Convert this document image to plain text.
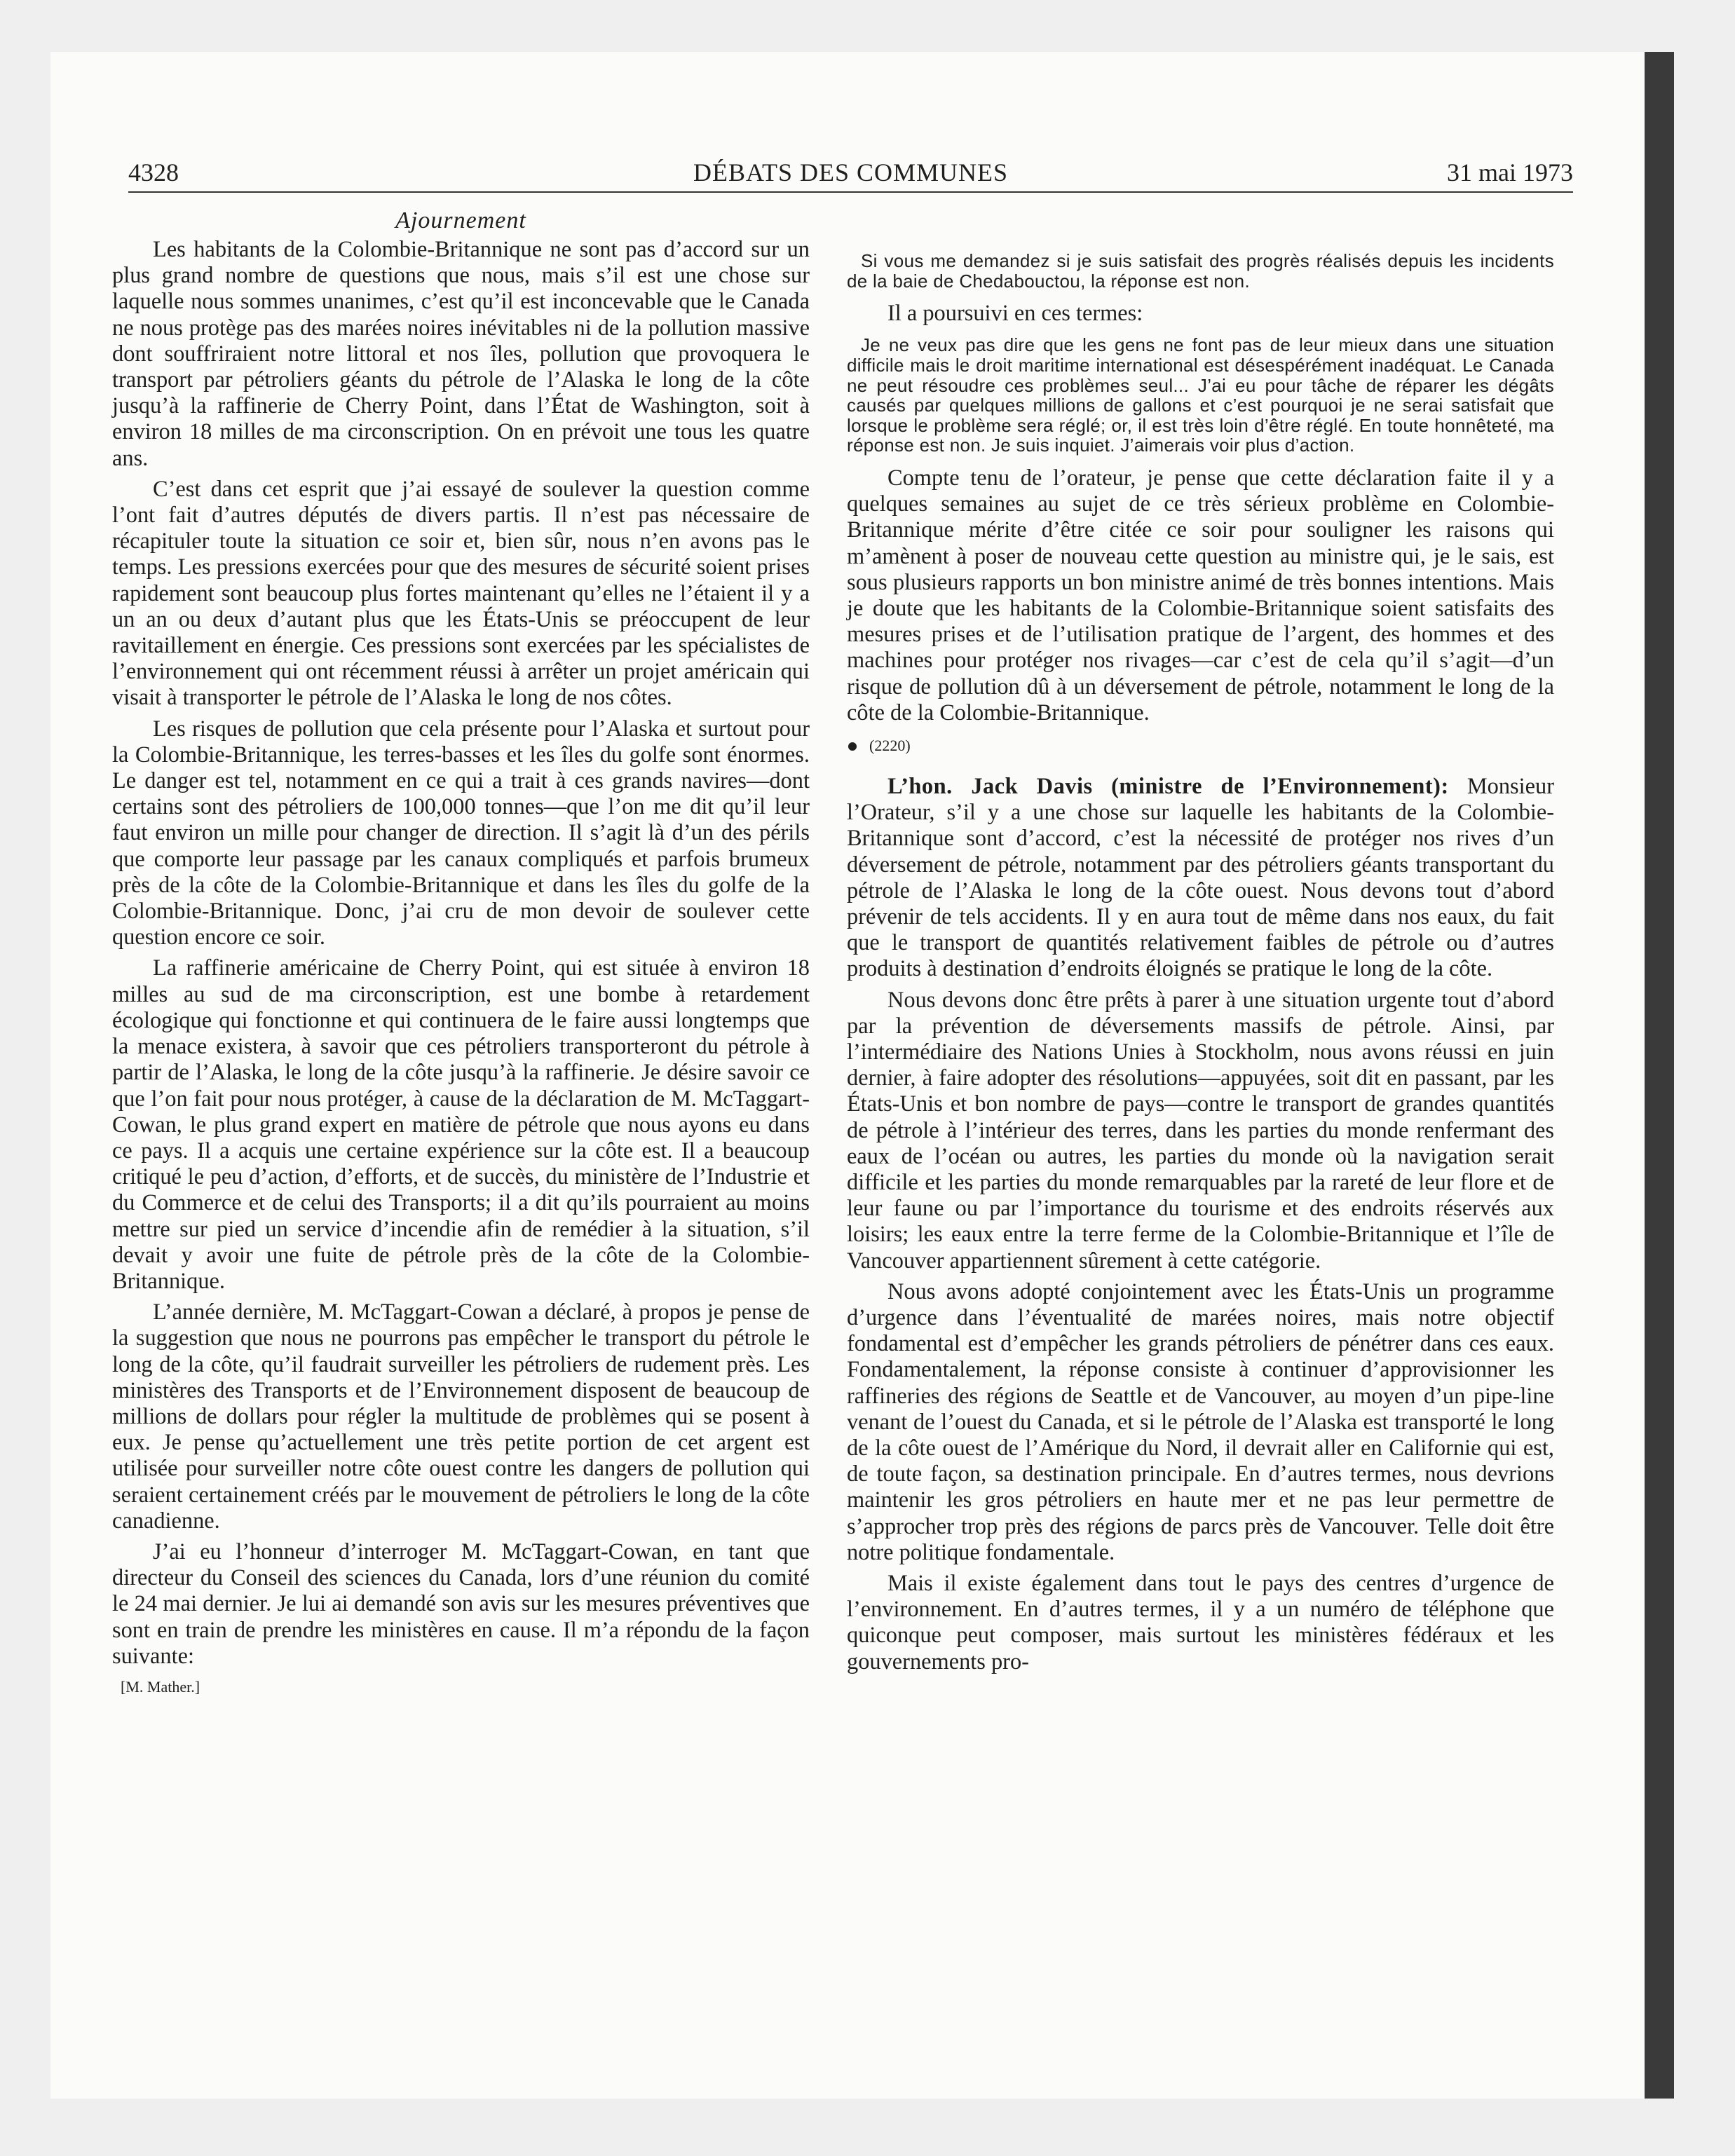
4328	DÉBATS DES COMMUNES	31 mai 1973

Ajournement

Les habitants de la Colombie-Britannique ne sont pas d’accord sur un plus grand nombre de questions que nous, mais s’il est une chose sur laquelle nous sommes unanimes, c’est qu’il est inconcevable que le Canada ne nous protège pas des marées noires inévitables ni de la pollution massive dont souffriraient notre littoral et nos îles, pollution que provoquera le transport par pétroliers géants du pétrole de l’Alaska le long de la côte jusqu’à la raffinerie de Cherry Point, dans l’État de Washington, soit à environ 18 milles de ma circonscription. On en prévoit une tous les quatre ans.

C’est dans cet esprit que j’ai essayé de soulever la question comme l’ont fait d’autres députés de divers partis. Il n’est pas nécessaire de récapituler toute la situation ce soir et, bien sûr, nous n’en avons pas le temps. Les pressions exercées pour que des mesures de sécurité soient prises rapidement sont beaucoup plus fortes maintenant qu’elles ne l’étaient il y a un an ou deux d’autant plus que les États-Unis se préoccupent de leur ravitaillement en énergie. Ces pressions sont exercées par les spécialistes de l’environnement qui ont récemment réussi à arrêter un projet américain qui visait à transporter le pétrole de l’Alaska le long de nos côtes.

Les risques de pollution que cela présente pour l’Alaska et surtout pour la Colombie-Britannique, les terres-basses et les îles du golfe sont énormes. Le danger est tel, notamment en ce qui a trait à ces grands navires—dont certains sont des pétroliers de 100,000 tonnes—que l’on me dit qu’il leur faut environ un mille pour changer de direction. Il s’agit là d’un des périls que comporte leur passage par les canaux compliqués et parfois brumeux près de la côte de la Colombie-Britannique et dans les îles du golfe de la Colombie-Britannique. Donc, j’ai cru de mon devoir de soulever cette question encore ce soir.

La raffinerie américaine de Cherry Point, qui est située à environ 18 milles au sud de ma circonscription, est une bombe à retardement écologique qui fonctionne et qui continuera de le faire aussi longtemps que la menace existera, à savoir que ces pétroliers transporteront du pétrole à partir de l’Alaska, le long de la côte jusqu’à la raffinerie. Je désire savoir ce que l’on fait pour nous protéger, à cause de la déclaration de M. McTaggart-Cowan, le plus grand expert en matière de pétrole que nous ayons eu dans ce pays. Il a acquis une certaine expérience sur la côte est. Il a beaucoup critiqué le peu d’action, d’efforts, et de succès, du ministère de l’Industrie et du Commerce et de celui des Transports; il a dit qu’ils pourraient au moins mettre sur pied un service d’incendie afin de remédier à la situation, s’il devait y avoir une fuite de pétrole près de la côte de la Colombie-Britannique.

L’année dernière, M. McTaggart-Cowan a déclaré, à propos je pense de la suggestion que nous ne pourrons pas empêcher le transport du pétrole le long de la côte, qu’il faudrait surveiller les pétroliers de rudement près. Les ministères des Transports et de l’Environnement disposent de beaucoup de millions de dollars pour régler la multitude de problèmes qui se posent à eux. Je pense qu’actuellement une très petite portion de cet argent est utilisée pour surveiller notre côte ouest contre les dangers de pollution qui seraient certainement créés par le mouvement de pétroliers le long de la côte canadienne.

J’ai eu l’honneur d’interroger M. McTaggart-Cowan, en tant que directeur du Conseil des sciences du Canada, lors d’une réunion du comité le 24 mai dernier. Je lui ai demandé son avis sur les mesures préventives que sont en train de prendre les ministères en cause. Il m’a répondu de la façon suivante:

[M. Mather.]

Si vous me demandez si je suis satisfait des progrès réalisés depuis les incidents de la baie de Chedabouctou, la réponse est non.

Il a poursuivi en ces termes:

Je ne veux pas dire que les gens ne font pas de leur mieux dans une situation difficile mais le droit maritime international est désespérément inadéquat. Le Canada ne peut résoudre ces problèmes seul... J’ai eu pour tâche de réparer les dégâts causés par quelques millions de gallons et c’est pourquoi je ne serai satisfait que lorsque le problème sera réglé; or, il est très loin d’être réglé. En toute honnêteté, ma réponse est non. Je suis inquiet. J’aimerais voir plus d’action.

Compte tenu de l’orateur, je pense que cette déclaration faite il y a quelques semaines au sujet de ce très sérieux problème en Colombie-Britannique mérite d’être citée ce soir pour souligner les raisons qui m’amènent à poser de nouveau cette question au ministre qui, je le sais, est sous plusieurs rapports un bon ministre animé de très bonnes intentions. Mais je doute que les habitants de la Colombie-Britannique soient satisfaits des mesures prises et de l’utilisation pratique de l’argent, des hommes et des machines pour protéger nos rivages—car c’est de cela qu’il s’agit—d’un risque de pollution dû à un déversement de pétrole, notamment le long de la côte de la Colombie-Britannique.

(2220)

L’hon. Jack Davis (ministre de l’Environnement): Monsieur l’Orateur, s’il y a une chose sur laquelle les habitants de la Colombie-Britannique sont d’accord, c’est la nécessité de protéger nos rives d’un déversement de pétrole, notamment par des pétroliers géants transportant du pétrole de l’Alaska le long de la côte ouest. Nous devons tout d’abord prévenir de tels accidents. Il y en aura tout de même dans nos eaux, du fait que le transport de quantités relativement faibles de pétrole ou d’autres produits à destination d’endroits éloignés se pratique le long de la côte.

Nous devons donc être prêts à parer à une situation urgente tout d’abord par la prévention de déversements massifs de pétrole. Ainsi, par l’intermédiaire des Nations Unies à Stockholm, nous avons réussi en juin dernier, à faire adopter des résolutions—appuyées, soit dit en passant, par les États-Unis et bon nombre de pays—contre le transport de grandes quantités de pétrole à l’intérieur des terres, dans les parties du monde renfermant des eaux de l’océan ou autres, les parties du monde où la navigation serait difficile et les parties du monde remarquables par la rareté de leur flore et de leur faune ou par l’importance du tourisme et des endroits réservés aux loisirs; les eaux entre la terre ferme de la Colombie-Britannique et l’île de Vancouver appartiennent sûrement à cette catégorie.

Nous avons adopté conjointement avec les États-Unis un programme d’urgence dans l’éventualité de marées noires, mais notre objectif fondamental est d’empêcher les grands pétroliers de pénétrer dans ces eaux. Fondamentalement, la réponse consiste à continuer d’approvisionner les raffineries des régions de Seattle et de Vancouver, au moyen d’un pipe-line venant de l’ouest du Canada, et si le pétrole de l’Alaska est transporté le long de la côte ouest de l’Amérique du Nord, il devrait aller en Californie qui est, de toute façon, sa destination principale. En d’autres termes, nous devrions maintenir les gros pétroliers en haute mer et ne pas leur permettre de s’approcher trop près des régions de parcs près de Vancouver. Telle doit être notre politique fondamentale.

Mais il existe également dans tout le pays des centres d’urgence de l’environnement. En d’autres termes, il y a un numéro de téléphone que quiconque peut composer, mais surtout les ministères fédéraux et les gouvernements pro-
